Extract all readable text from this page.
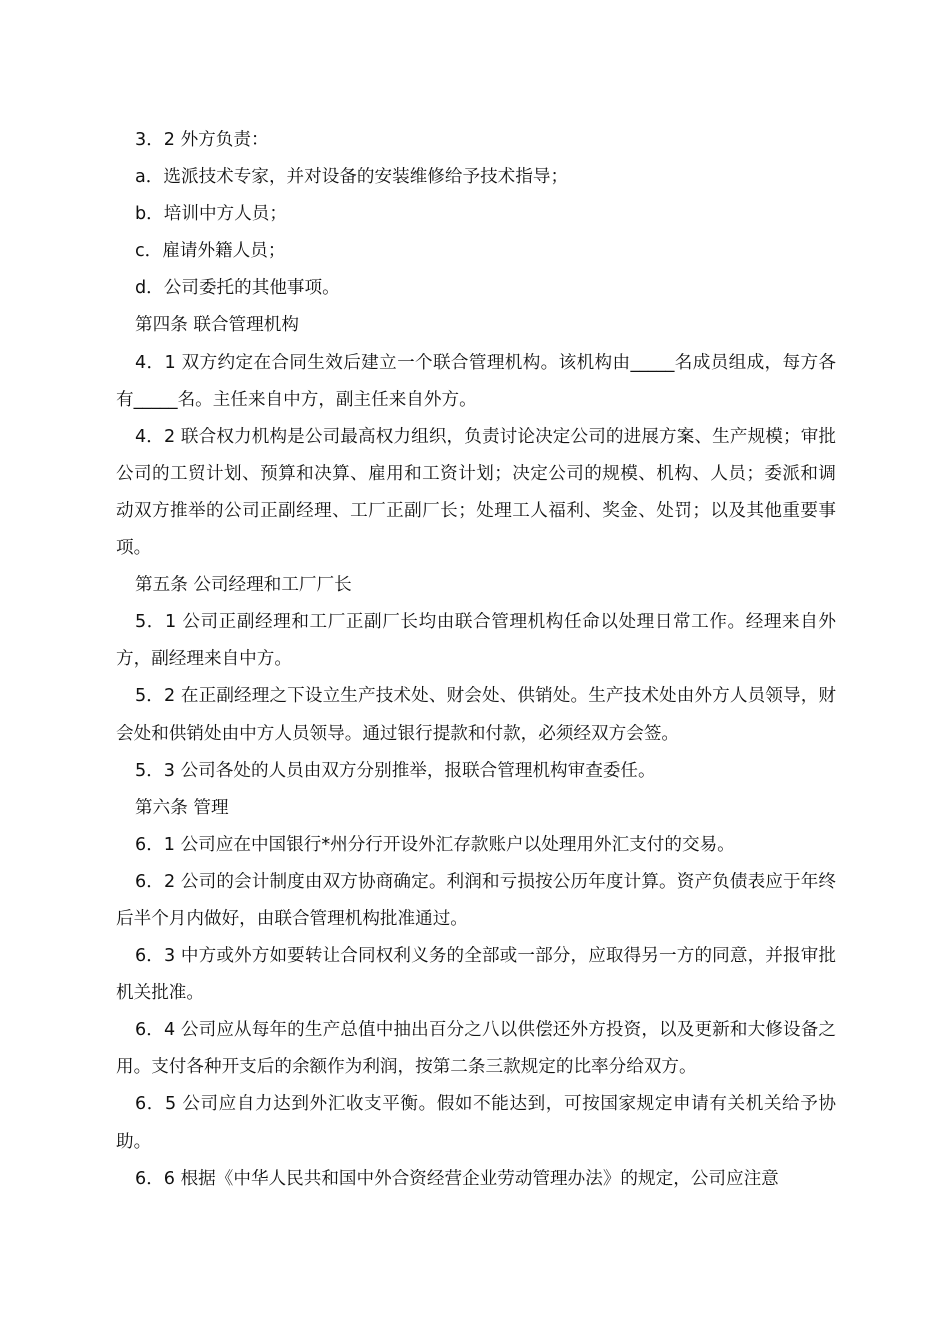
3．2 外方负责：

a．选派技术专家，并对设备的安装维修给予技术指导；

b．培训中方人员；

c．雇请外籍人员；

d．公司委托的其他事项。

第四条 联合管理机构

4．1 双方约定在合同生效后建立一个联合管理机构。该机构由_____名成员组成，每方各有_____名。主任来自中方，副主任来自外方。

4．2 联合权力机构是公司最高权力组织，负责讨论决定公司的进展方案、生产规模；审批公司的工贸计划、预算和决算、雇用和工资计划；决定公司的规模、机构、人员；委派和调动双方推举的公司正副经理、工厂正副厂长；处理工人福利、奖金、处罚；以及其他重要事项。

第五条 公司经理和工厂厂长

5．1 公司正副经理和工厂正副厂长均由联合管理机构任命以处理日常工作。经理来自外方，副经理来自中方。

5．2 在正副经理之下设立生产技术处、财会处、供销处。生产技术处由外方人员领导，财会处和供销处由中方人员领导。通过银行提款和付款，必须经双方会签。

5．3 公司各处的人员由双方分别推举，报联合管理机构审查委任。

第六条 管理

6．1 公司应在中国银行*州分行开设外汇存款账户以处理用外汇支付的交易。

6．2 公司的会计制度由双方协商确定。利润和亏损按公历年度计算。资产负债表应于年终后半个月内做好，由联合管理机构批准通过。

6．3 中方或外方如要转让合同权利义务的全部或一部分，应取得另一方的同意，并报审批机关批准。

6．4 公司应从每年的生产总值中抽出百分之八以供偿还外方投资，以及更新和大修设备之用。支付各种开支后的余额作为利润，按第二条三款规定的比率分给双方。

6．5 公司应自力达到外汇收支平衡。假如不能达到，可按国家规定申请有关机关给予协助。

6．6 根据《中华人民共和国中外合资经营企业劳动管理办法》的规定，公司应注意
